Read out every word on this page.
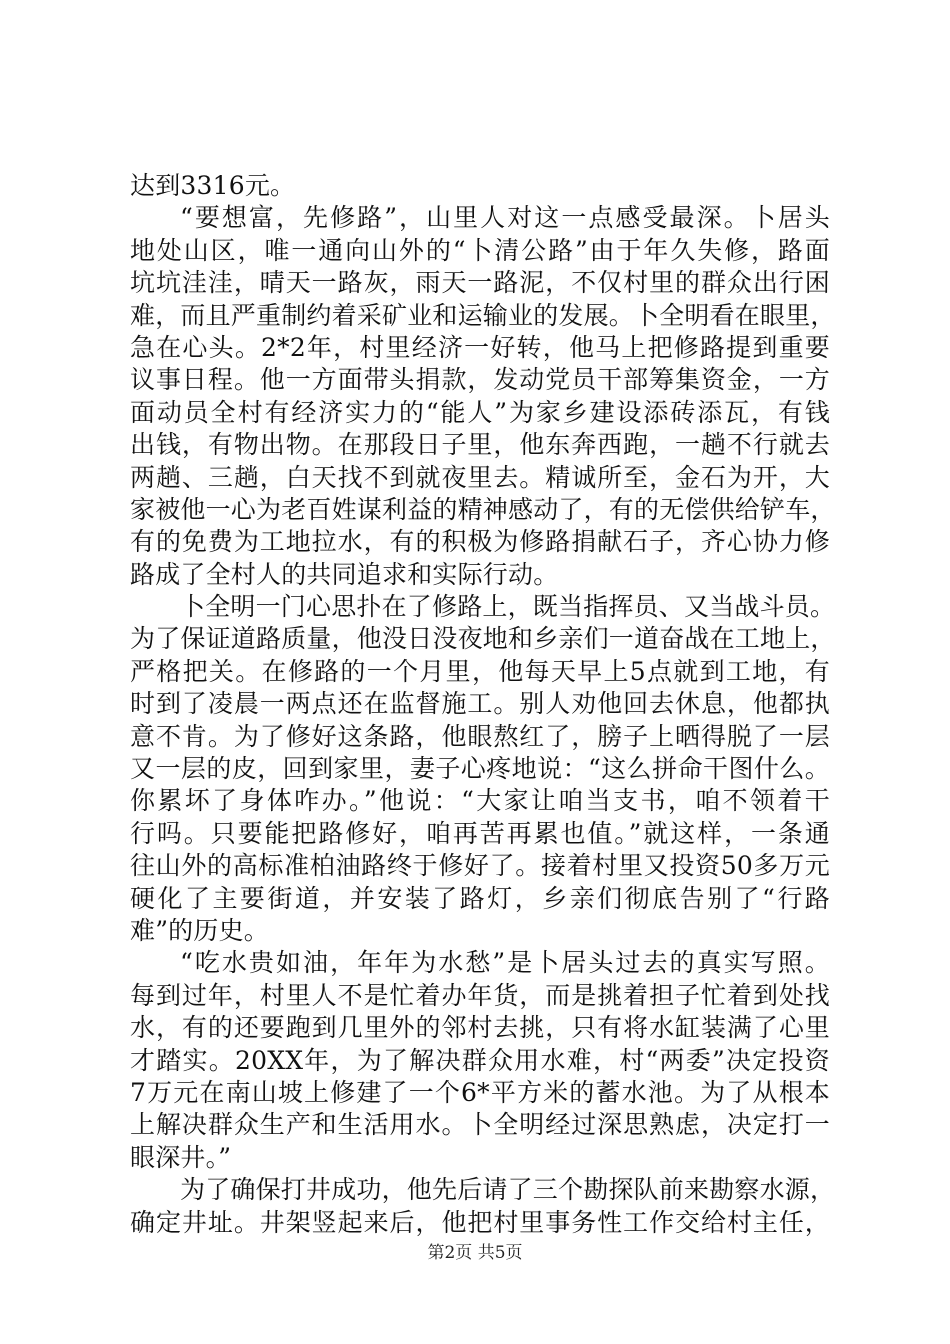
达到3316元。
“要想富，先修路”，山里人对这一点感受最深。卜居头
地处山区，唯一通向山外的“卜清公路”由于年久失修，路面
坑坑洼洼，晴天一路灰，雨天一路泥，不仅村里的群众出行困
难，而且严重制约着采矿业和运输业的发展。卜全明看在眼里，
急在心头。2*2年，村里经济一好转，他马上把修路提到重要
议事日程。他一方面带头捐款，发动党员干部筹集资金，一方
面动员全村有经济实力的“能人”为家乡建设添砖添瓦，有钱
出钱，有物出物。在那段日子里，他东奔西跑，一趟不行就去
两趟、三趟，白天找不到就夜里去。精诚所至，金石为开，大
家被他一心为老百姓谋利益的精神感动了，有的无偿供给铲车，
有的免费为工地拉水，有的积极为修路捐献石子，齐心协力修
路成了全村人的共同追求和实际行动。
卜全明一门心思扑在了修路上，既当指挥员、又当战斗员。
为了保证道路质量，他没日没夜地和乡亲们一道奋战在工地上，
严格把关。在修路的一个月里，他每天早上5点就到工地，有
时到了凌晨一两点还在监督施工。别人劝他回去休息，他都执
意不肯。为了修好这条路，他眼熬红了，膀子上晒得脱了一层
又一层的皮，回到家里，妻子心疼地说：“这么拼命干图什么。
你累坏了身体咋办。”他说：“大家让咱当支书，咱不领着干
行吗。只要能把路修好，咱再苦再累也值。”就这样，一条通
往山外的高标准柏油路终于修好了。接着村里又投资50多万元
硬化了主要街道，并安装了路灯，乡亲们彻底告别了“行路
难”的历史。
“吃水贵如油，年年为水愁”是卜居头过去的真实写照。
每到过年，村里人不是忙着办年货，而是挑着担子忙着到处找
水，有的还要跑到几里外的邻村去挑，只有将水缸装满了心里
才踏实。20XX年，为了解决群众用水难，村“两委”决定投资
7万元在南山坡上修建了一个6*平方米的蓄水池。为了从根本
上解决群众生产和生活用水。卜全明经过深思熟虑，决定打一
眼深井。”
为了确保打井成功，他先后请了三个勘探队前来勘察水源，
确定井址。井架竖起来后，他把村里事务性工作交给村主任，
第2页 共5页
